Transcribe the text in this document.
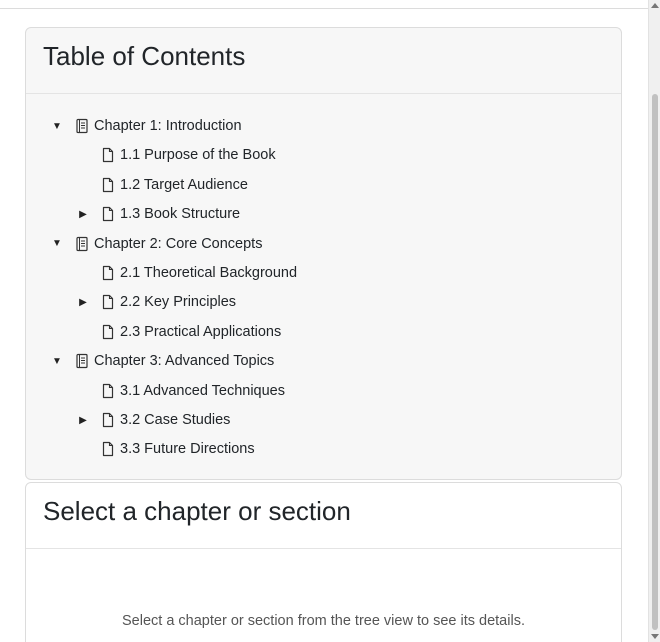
Table of Contents
▼ Chapter 1: Introduction
1.1 Purpose of the Book
1.2 Target Audience
▶ 1.3 Book Structure
▼ Chapter 2: Core Concepts
2.1 Theoretical Background
▶ 2.2 Key Principles
2.3 Practical Applications
▼ Chapter 3: Advanced Topics
3.1 Advanced Techniques
▶ 3.2 Case Studies
3.3 Future Directions
Select a chapter or section
Select a chapter or section from the tree view to see its details.
